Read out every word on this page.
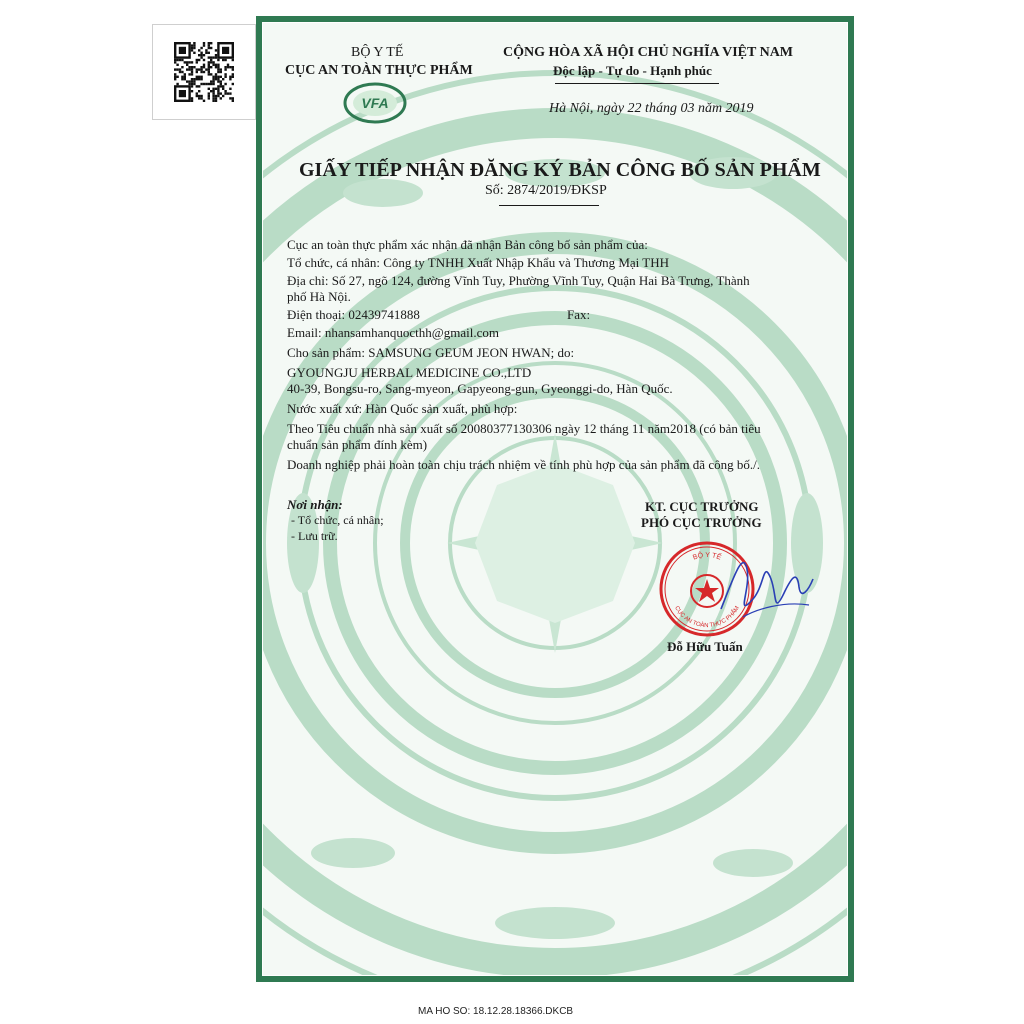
BỘ Y TẾ
CỤC AN TOÀN THỰC PHẨM
VFA
CỘNG HÒA XÃ HỘI CHỦ NGHĨA VIỆT NAM
Độc lập - Tự do - Hạnh phúc
Hà Nội, ngày 22 tháng 03 năm 2019
GIẤY TIẾP NHẬN ĐĂNG KÝ BẢN CÔNG BỐ SẢN PHẨM
Số: 2874/2019/ĐKSP
Cục an toàn thực phẩm xác nhận đã nhận Bản công bố sản phẩm của:
Tổ chức, cá nhân: Công ty TNHH Xuất Nhập Khẩu và Thương Mại THH
Địa chỉ: Số 27, ngõ 124, đường Vĩnh Tuy, Phường Vĩnh Tuy, Quận Hai Bà Trưng, Thành
phố Hà Nội.
Điện thoại: 02439741888	Fax:
Email: nhansamhanquocthh@gmail.com
Cho sản phẩm: SAMSUNG GEUM JEON HWAN; do:
GYOUNGJU HERBAL MEDICINE CO.,LTD
40-39, Bongsu-ro, Sang-myeon, Gapyeong-gun, Gyeonggi-do, Hàn Quốc.
Nước xuất xứ: Hàn Quốc sản xuất, phù hợp:
Theo Tiêu chuẩn nhà sản xuất số 20080377130306 ngày 12 tháng 11 năm2018 (có bản tiêu
chuẩn sản phẩm đính kèm)
Doanh nghiệp phải hoàn toàn chịu trách nhiệm về tính phù hợp của sản phẩm đã công bố./.
Nơi nhận:
- Tổ chức, cá nhân;
- Lưu trữ.
KT. CỤC TRƯỞNG
PHÓ CỤC TRƯỞNG
BỘ Y TẾ
CỤC AN TOÀN THỰC PHẨM
Đỗ Hữu Tuấn
MA HO SO: 18.12.28.18366.DKCB
